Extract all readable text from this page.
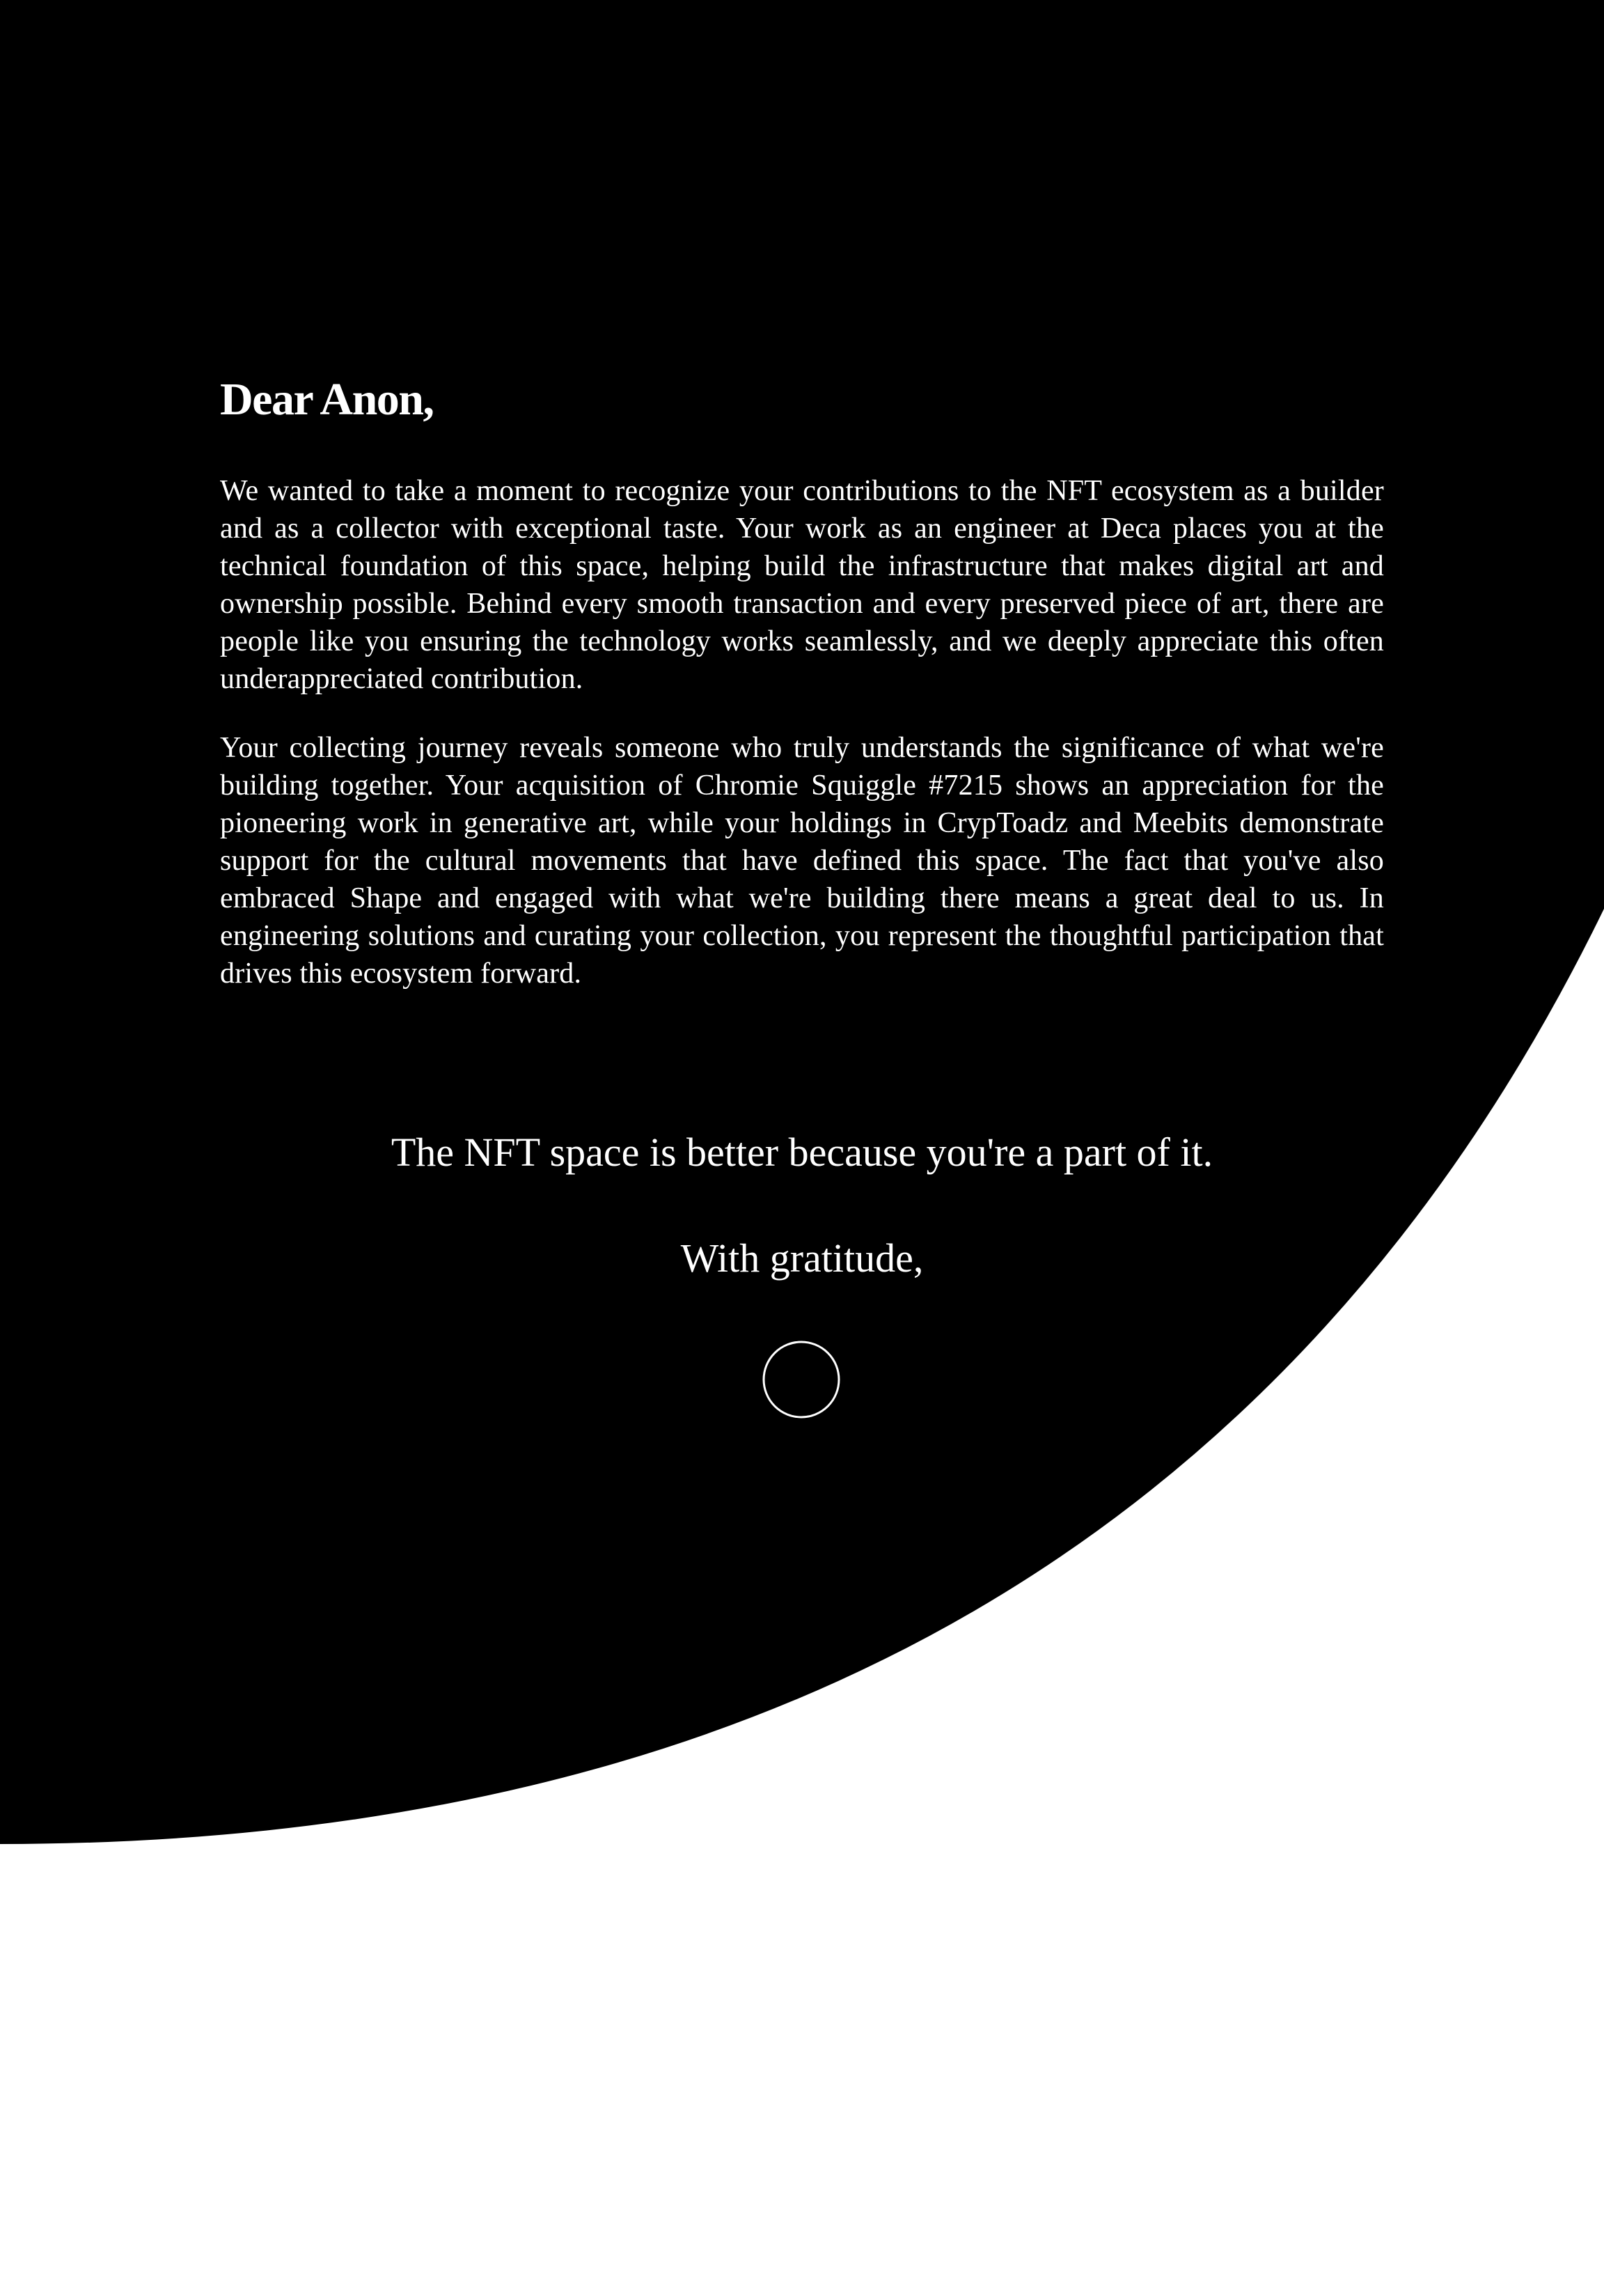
Dear Anon,

We wanted to take a moment to recognize your contributions to the NFT ecosystem as a builder and as a collector with exceptional taste. Your work as an engineer at Deca places you at the technical foundation of this space, helping build the infrastructure that makes digital art and ownership possible. Behind every smooth transaction and every preserved piece of art, there are people like you ensuring the technology works seamlessly, and we deeply appreciate this often underappreciated contribution.

Your collecting journey reveals someone who truly understands the significance of what we're building together. Your acquisition of Chromie Squiggle #7215 shows an appreciation for the pioneering work in generative art, while your holdings in CrypToadz and Meebits demonstrate support for the cultural movements that have defined this space. The fact that you've also embraced Shape and engaged with what we're building there means a great deal to us. In engineering solutions and curating your collection, you represent the thoughtful participation that drives this ecosystem forward.

The NFT space is better because you're a part of it.

With gratitude,
